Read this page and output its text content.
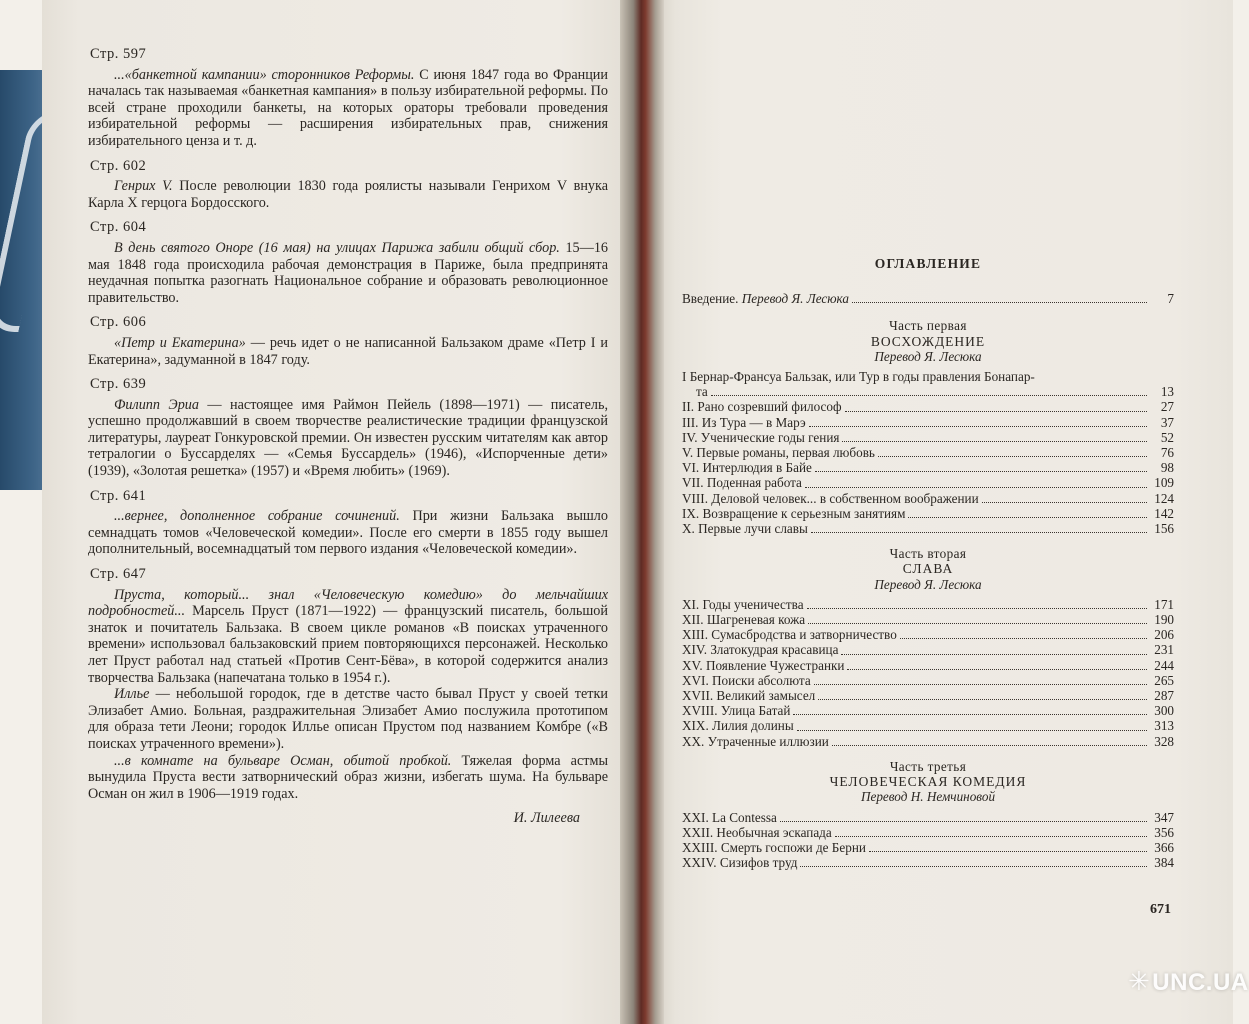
Стр. 597

...«банкетной кампании» сторонников Реформы. С июня 1847 года во Франции началась так называемая «банкетная кампания» в пользу избирательной реформы. По всей стране проходили банкеты, на которых ораторы требовали проведения избирательной реформы — расширения избирательных прав, снижения избирательного ценза и т. д.

Стр. 602

Генрих V. После революции 1830 года роялисты называли Генрихом V внука Карла X герцога Бордосского.

Стр. 604

В день святого Оноре (16 мая) на улицах Парижа забили общий сбор. 15—16 мая 1848 года происходила рабочая демонстрация в Париже, была предпринята неудачная попытка разогнать Национальное собрание и образовать революционное правительство.

Стр. 606

«Петр и Екатерина» — речь идет о не написанной Бальзаком драме «Петр I и Екатерина», задуманной в 1847 году.

Стр. 639

Филипп Эриа — настоящее имя Раймон Пейель (1898—1971) — писатель, успешно продолжавший в своем творчестве реалистические традиции французской литературы, лауреат Гонкуровской премии. Он известен русским читателям как автор тетралогии о Буссарделях — «Семья Буссардель» (1946), «Испорченные дети» (1939), «Золотая решетка» (1957) и «Время любить» (1969).

Стр. 641

...вернее, дополненное собрание сочинений. При жизни Бальзака вышло семнадцать томов «Человеческой комедии». После его смерти в 1855 году вышел дополнительный, восемнадцатый том первого издания «Человеческой комедии».

Стр. 647

Пруста, который... знал «Человеческую комедию» до мельчайших подробностей... Марсель Пруст (1871—1922) — французский писатель, большой знаток и почитатель Бальзака. В своем цикле романов «В поисках утраченного времени» использовал бальзаковский прием повторяющихся персонажей. Несколько лет Пруст работал над статьей «Против Сент-Бёва», в которой содержится анализ творчества Бальзака (напечатана только в 1954 г.).

Иллье — небольшой городок, где в детстве часто бывал Пруст у своей тетки Элизабет Амио. Больная, раздражительная Элизабет Амио послужила прототипом для образа тети Леони; городок Иллье описан Прустом под названием Комбре («В поисках утраченного времени»).

...в комнате на бульваре Осман, обитой пробкой. Тяжелая форма астмы вынудила Пруста вести затворнический образ жизни, избегать шума. На бульваре Осман он жил в 1906—1919 годах.

И. Лилеева
ОГЛАВЛЕНИЕ
Введение. Перевод Я. Лесюка	7
Часть первая
ВОСХОЖДЕНИЕ
Перевод Я. Лесюка
I Бернар-Франсуа Бальзак, или Тур в годы правления Бонапар-
та	13
II. Рано созревший философ	27
III. Из Тура — в Марэ	37
IV. Ученические годы гения	52
V. Первые романы, первая любовь	76
VI. Интерлюдия в Байе	98
VII. Поденная работа	109
VIII. Деловой человек... в собственном воображении	124
IX. Возвращение к серьезным занятиям	142
X. Первые лучи славы	156
Часть вторая
СЛАВА
Перевод Я. Лесюка
XI. Годы ученичества	171
XII. Шагреневая кожа	190
XIII. Сумасбродства и затворничество	206
XIV. Златокудрая красавица	231
XV. Появление Чужестранки	244
XVI. Поиски абсолюта	265
XVII. Великий замысел	287
XVIII. Улица Батай	300
XIX. Лилия долины	313
XX. Утраченные иллюзии	328
Часть третья
ЧЕЛОВЕЧЕСКАЯ КОМЕДИЯ
Перевод Н. Немчиновой
XXI. La Contessa	347
XXII. Необычная эскапада	356
XXIII. Смерть госпожи де Берни	366
XXIV. Сизифов труд	384
671
✳UNC.UA
